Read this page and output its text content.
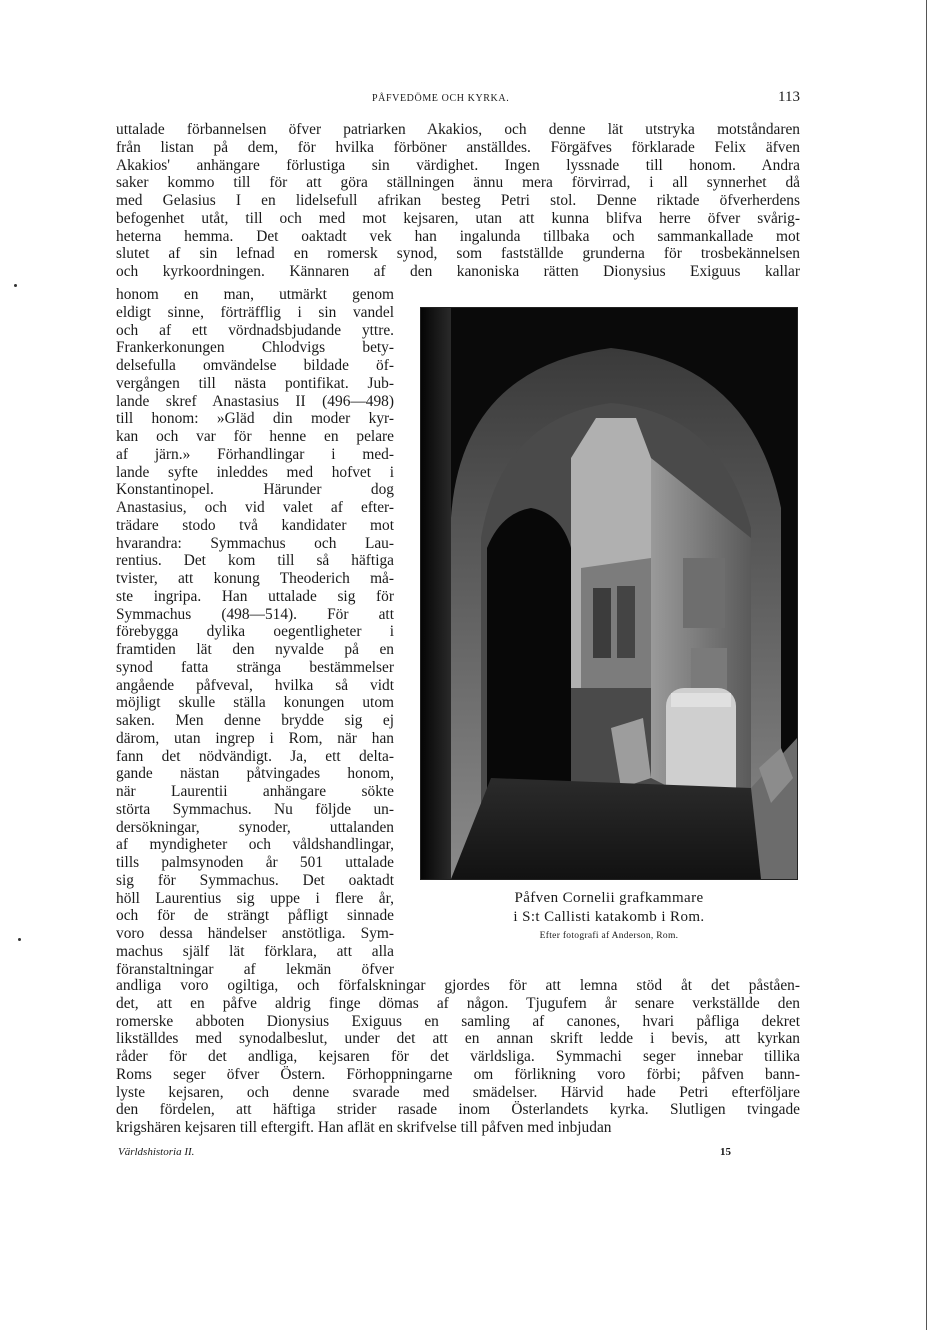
PÅFVEDÖME OCH KYRKA.	113
uttalade förbannelsen öfver patriarken Akakios, och denne lät utstryka motståndaren
från listan på dem, för hvilka förböner anställdes. Förgäfves förklarade Felix äfven
Akakios' anhängare förlustiga sin värdighet. Ingen lyssnade till honom. Andra
saker kommo till för att göra ställningen ännu mera förvirrad, i all synnerhet då
med Gelasius I en lidelsefull afrikan besteg Petri stol. Denne riktade öfverherdens
befogenhet utåt, till och med mot kejsaren, utan att kunna blifva herre öfver svårig-
heterna hemma. Det oaktadt vek han ingalunda tillbaka och sammankallade mot
slutet af sin lefnad en romersk synod, som fastställde grunderna för trosbekännelsen
och kyrkoordningen. Kännaren af den kanoniska rätten Dionysius Exiguus kallar
honom en man, utmärkt genom
eldigt sinne, förträfflig i sin vandel
och af ett vördnadsbjudande yttre.
Frankerkonungen Chlodvigs bety-
delsefulla omvändelse bildade öf-
vergången till nästa pontifikat. Jub-
lande skref Anastasius II (496—498)
till honom: »Gläd din moder kyr-
kan och var för henne en pelare
af järn.» Förhandlingar i med-
lande syfte inleddes med hofvet i
Konstantinopel. Härunder dog
Anastasius, och vid valet af efter-
trädare stodo två kandidater mot
hvarandra: Symmachus och Lau-
rentius. Det kom till så häftiga
tvister, att konung Theoderich må-
ste ingripa. Han uttalade sig för
Symmachus (498—514). För att
förebygga dylika oegentligheter i
framtiden lät den nyvalde på en
synod fatta stränga bestämmelser
angående påfveval, hvilka så vidt
möjligt skulle ställa konungen utom
saken. Men denne brydde sig ej
därom, utan ingrep i Rom, när han
fann det nödvändigt. Ja, ett delta-
gande nästan påtvingades honom,
när Laurentii anhängare sökte
störta Symmachus. Nu följde un-
dersökningar, synoder, uttalanden
af myndigheter och våldshandlingar,
tills palmsynoden år 501 uttalade
sig för Symmachus. Det oaktadt
höll Laurentius sig uppe i flere år,
och för de strängt påfligt sinnade
voro dessa händelser anstötliga. Sym-
machus själf lät förklara, att alla
föranstaltningar af lekmän öfver
andliga voro ogiltiga, och förfalskningar gjordes för att lemna stöd åt det påståen-
det, att en påfve aldrig finge dömas af någon. Tjugufem år senare verkställde den
romerske abboten Dionysius Exiguus en samling af canones, hvari påfliga dekret
likställdes med synodalbeslut, under det att en annan skrift ledde i bevis, att kyrkan
råder för det andliga, kejsaren för det världsliga. Symmachi seger innebar tillika
Roms seger öfver Östern. Förhoppningarne om förlikning voro förbi; påfven bann-
lyste kejsaren, och denne svarade med smädelser. Härvid hade Petri efterföljare
den fördelen, att häftiga strider rasade inom Österlandets kyrka. Slutligen tvingade
krigshären kejsaren till eftergift. Han aflät en skrifvelse till påfven med inbjudan
Påfven Cornelii grafkammare
i S:t Callisti katakomb i Rom.
Efter fotografi af Anderson, Rom.
Världshistoria II.	15
